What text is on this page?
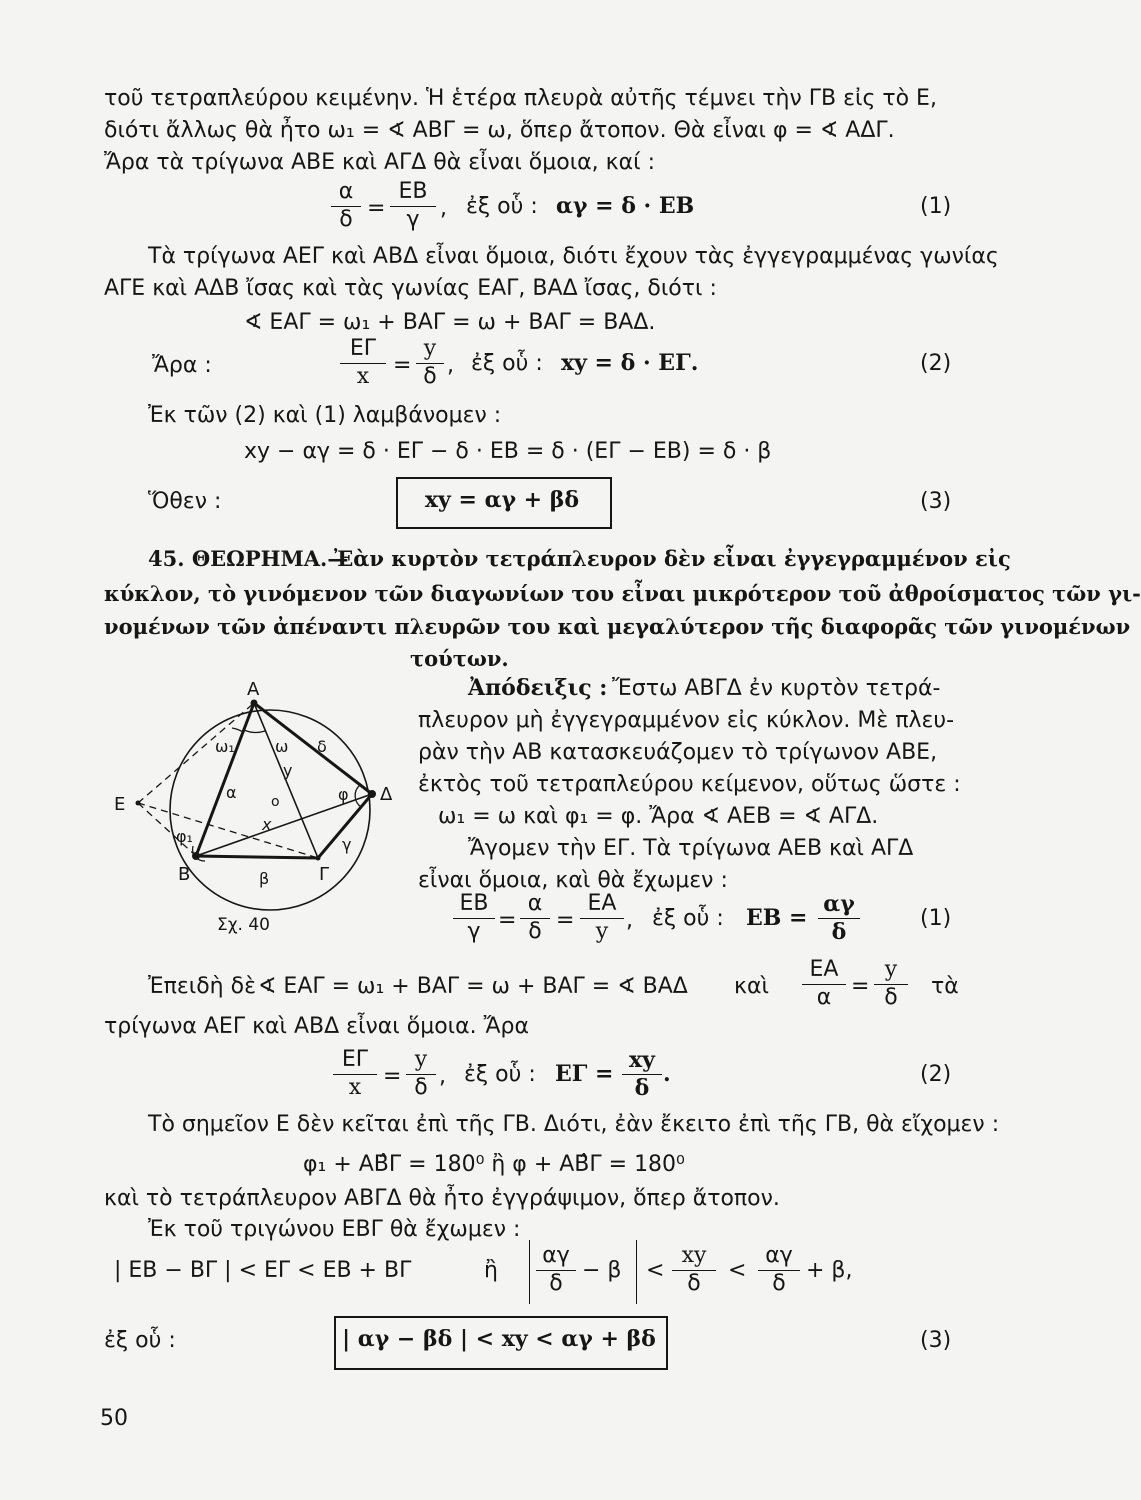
τοῦ τετραπλεύρου κειμένην. Ἡ ἑτέρα πλευρὰ αὐτῆς τέμνει τὴν ΓΒ εἰς τὸ Ε,
διότι ἄλλως θὰ ἦτο ω₁ = ∢ ΑΒΓ = ω, ὅπερ ἄτοπον. Θὰ εἶναι φ = ∢ ΑΔΓ.
Ἄρα τὰ τρίγωνα ΑΒΕ καὶ ΑΓΔ θὰ εἶναι ὅμοια, καί :
$\frac{\alpha}{\delta} = \frac{EB}{\gamma}$ , ἐξ οὗ : αγ = δ · ΕΒ	(1)
Τὰ τρίγωνα ΑΕΓ καὶ ΑΒΔ εἶναι ὅμοια, διότι ἔχουν τὰς ἐγγεγραμμένας γωνίας
ΑΓΕ καὶ ΑΔΒ ἴσας καὶ τὰς γωνίας ΕΑΓ, ΒΑΔ ἴσας, διότι :
∢ ΕΑΓ = ω₁ + ΒΑΓ = ω + ΒΑΓ = ΒΑΔ.
Ἄρα :	$\frac{E\Gamma}{x} = \frac{y}{\delta}$ , ἐξ οὗ : xy = δ · ΕΓ.	(2)
Ἐκ τῶν (2) καὶ (1) λαμβάνομεν :
xy − αγ = δ · ΕΓ − δ · ΕΒ = δ · (ΕΓ − ΕΒ) = δ · β
Ὅθεν :	xy = αγ + βδ	(3)
45. ΘΕΩΡΗΜΑ.—
Ἐὰν κυρτὸν τετράπλευρον δὲν εἶναι ἐγγεγραμμένον εἰς
κύκλον, τὸ γινόμενον τῶν διαγωνίων του εἶναι μικρότερον τοῦ ἀθροίσματος τῶν γι-
νομένων τῶν ἀπέναντι πλευρῶν του καὶ μεγαλύτερον τῆς διαφορᾶς τῶν γινομένων
τούτων.
Ἀπόδειξις : Ἔστω ΑΒΓΔ ἐν κυρτὸν τετρά-
πλευρον μὴ ἐγγεγραμμένον εἰς κύκλον. Μὲ πλευ-
ρὰν τὴν ΑΒ κατασκευάζομεν τὸ τρίγωνον ΑΒΕ,
ἐκτὸς τοῦ τετραπλεύρου κείμενον, οὕτως ὥστε :
ω₁ = ω καὶ φ₁ = φ. Ἄρα ∢ ΑΕΒ = ∢ ΑΓΔ.
Ἄγομεν τὴν ΕΓ. Τὰ τρίγωνα ΑΕΒ καὶ ΑΓΔ
εἶναι ὅμοια, καὶ θὰ ἔχωμεν :
Α
Β	Γ
Δ
Ε	o
ω₁	ω δ
y
α	φ
x
φ₁	γ
β
Σχ. 40	$\frac{EB}{\gamma} = \frac{\alpha}{\delta} = \frac{EA}{y}$ , ἐξ οὗ : $EB = \frac{\alpha\gamma}{\delta}$	(1)
Ἐπειδὴ δὲ ∢ ΕΑΓ = ω₁ + ΒΑΓ = ω + ΒΑΓ = ∢ ΒΑΔ καὶ $\frac{EA}{\alpha} = \frac{y}{\delta}$ τὰ
τρίγωνα ΑΕΓ καὶ ΑΒΔ εἶναι ὅμοια. Ἄρα
$\frac{E\Gamma}{x} = \frac{y}{\delta}$ , ἐξ οὗ : $E\Gamma = \frac{xy}{\delta}$ .	(2)
Τὸ σημεῖον Ε δὲν κεῖται ἐπὶ τῆς ΓΒ. Διότι, ἐὰν ἔκειτο ἐπὶ τῆς ΓΒ, θὰ εἴχομεν :
φ₁ + ΑΒ̂Γ = 180⁰ ἢ φ + ΑΒ̂Γ = 180⁰
καὶ τὸ τετράπλευρον ΑΒΓΔ θὰ ἦτο ἐγγράψιμον, ὅπερ ἄτοπον.
Ἐκ τοῦ τριγώνου ΕΒΓ θὰ ἔχωμεν :
| ΕΒ − ΒΓ | < ΕΓ < ΕΒ + ΒΓ	ἢ $\frac{\alpha\gamma}{\delta} - \beta < \frac{xy}{\delta} < \frac{\alpha\gamma}{\delta} + \beta$,
ἐξ οὗ :	| αγ − βδ | < xy < αγ + βδ	(3)
50
